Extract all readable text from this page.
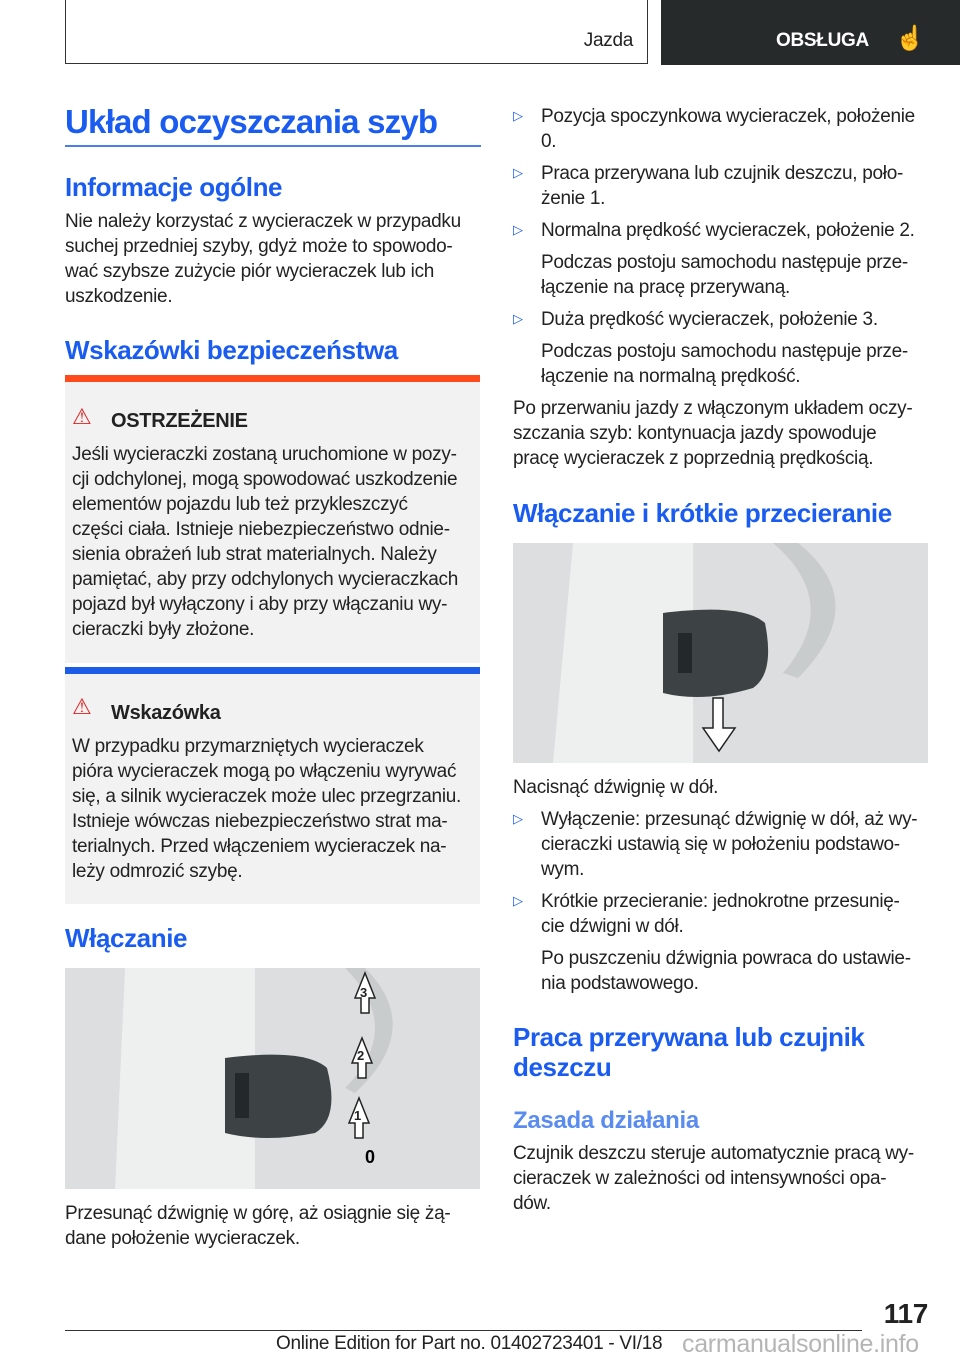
Jazda	OBSŁUGA ☝
Układ oczyszczania szyb
Informacje ogólne
Nie należy korzystać z wycieraczek w przypadku
suchej przedniej szyby, gdyż może to spowodo-
wać szybsze zużycie piór wycieraczek lub ich
uszkodzenie.
Wskazówki bezpieczeństwa
⚠ OSTRZEŻENIE
Jeśli wycieraczki zostaną uruchomione w pozy-
cji odchylonej, mogą spowodować uszkodzenie
elementów pojazdu lub też przykleszczyć
części ciała. Istnieje niebezpieczeństwo odnie-
sienia obrażeń lub strat materialnych. Należy
pamiętać, aby przy odchylonych wycieraczkach
pojazd był wyłączony i aby przy włączaniu wy-
cieraczki były złożone.
⚠ Wskazówka
W przypadku przymarzniętych wycieraczek
pióra wycieraczek mogą po włączeniu wyrywać
się, a silnik wycieraczek może ulec przegrzaniu.
Istnieje wówczas niebezpieczeństwo strat ma-
terialnych. Przed włączeniem wycieraczek na-
leży odmrozić szybę.
Włączanie
0
3
2
1
Przesunąć dźwignię w górę, aż osiągnie się żą-
dane położenie wycieraczek.
▷ Pozycja spoczynkowa wycieraczek, położenie
0.
▷ Praca przerywana lub czujnik deszczu, poło-
żenie 1.
▷ Normalna prędkość wycieraczek, położenie 2.
Podczas postoju samochodu następuje prze-
łączenie na pracę przerywaną.
▷ Duża prędkość wycieraczek, położenie 3.
Podczas postoju samochodu następuje prze-
łączenie na normalną prędkość.
Po przerwaniu jazdy z włączonym układem oczy-
szczania szyb: kontynuacja jazdy spowoduje
pracę wycieraczek z poprzednią prędkością.
Włączanie i krótkie przecieranie
Nacisnąć dźwignię w dół.
▷ Wyłączenie: przesunąć dźwignię w dół, aż wy-
cieraczki ustawią się w położeniu podstawo-
wym.
▷ Krótkie przecieranie: jednokrotne przesunię-
cie dźwigni w dół.
Po puszczeniu dźwignia powraca do ustawie-
nia podstawowego.
Praca przerywana lub czujnik
deszczu
Zasada działania
Czujnik deszczu steruje automatycznie pracą wy-
cieraczek w zależności od intensywności opa-
dów.
117
Online Edition for Part no. 01402723401 - VI/18 carmanualsonline.info
